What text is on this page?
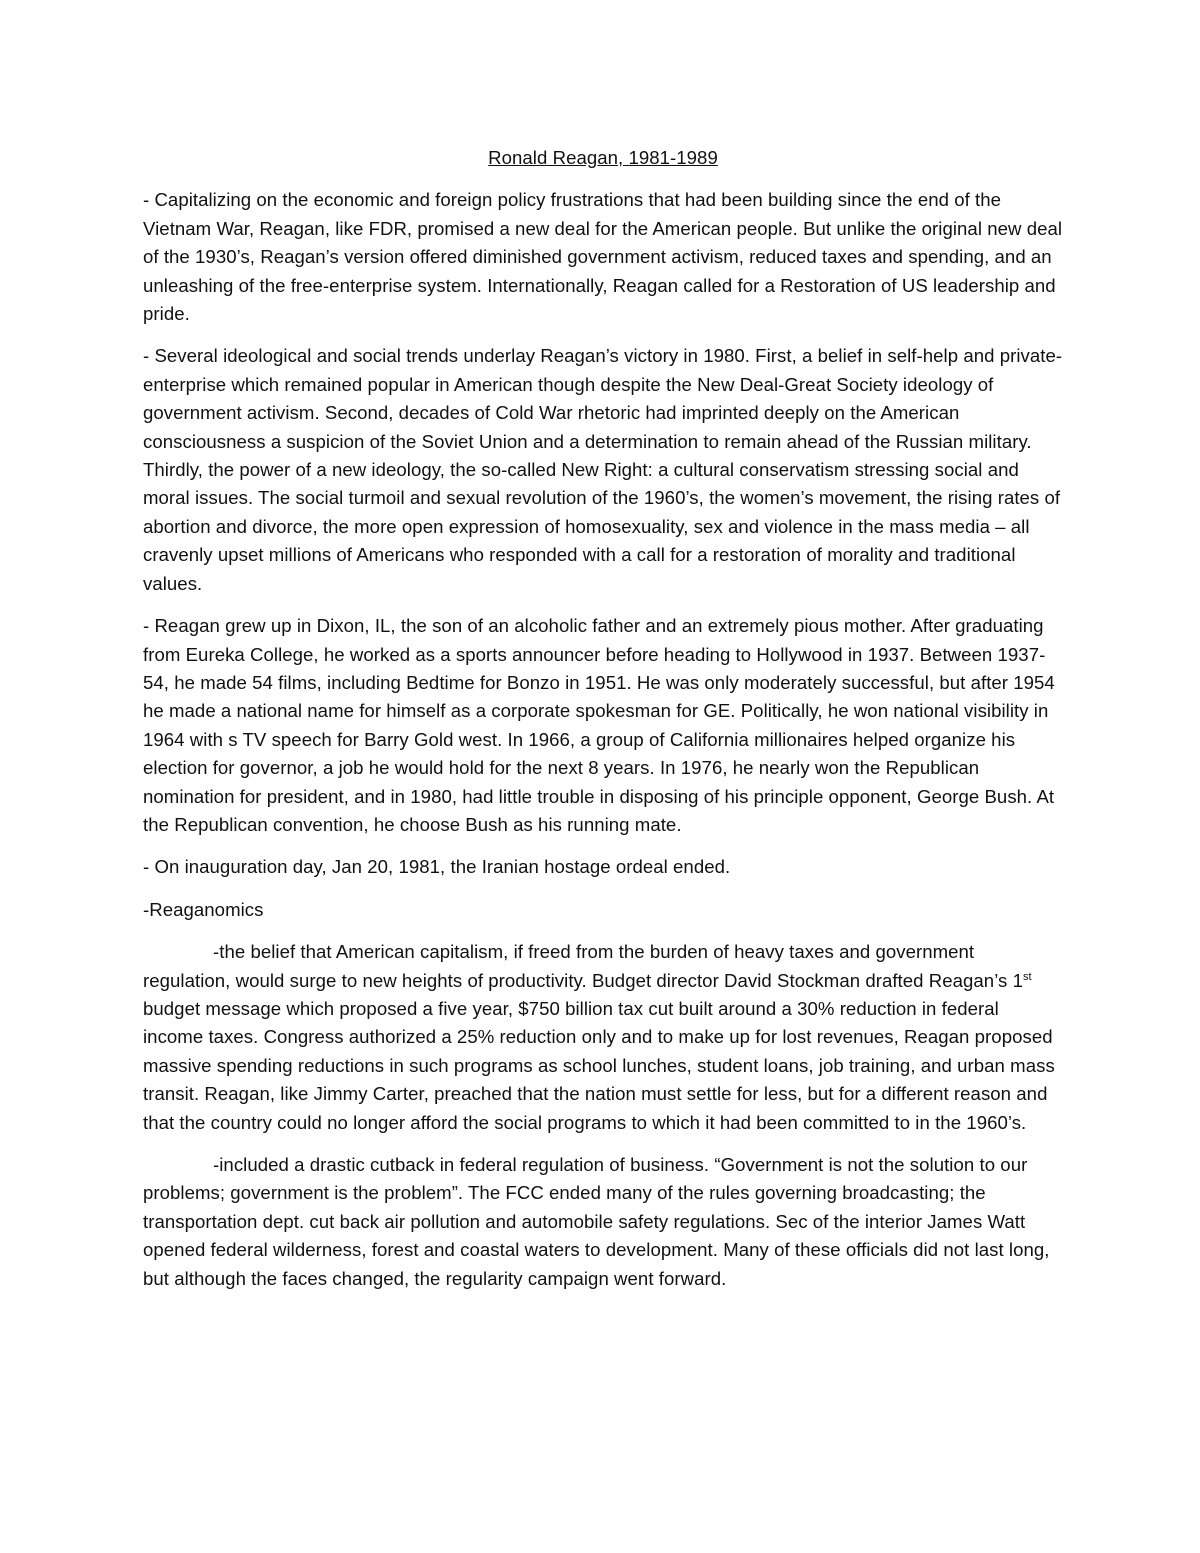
Ronald Reagan, 1981-1989

- Capitalizing on the economic and foreign policy frustrations that had been building since the end of the Vietnam War, Reagan, like FDR, promised a new deal for the American people. But unlike the original new deal of the 1930’s, Reagan’s version offered diminished government activism, reduced taxes and spending, and an unleashing of the free-enterprise system. Internationally, Reagan called for a Restoration of US leadership and pride.

- Several ideological and social trends underlay Reagan’s victory in 1980. First, a belief in self-help and private-enterprise which remained popular in American though despite the New Deal-Great Society ideology of government activism. Second, decades of Cold War rhetoric had imprinted deeply on the American consciousness a suspicion of the Soviet Union and a determination to remain ahead of the Russian military. Thirdly, the power of a new ideology, the so-called New Right: a cultural conservatism stressing social and moral issues. The social turmoil and sexual revolution of the 1960’s, the women’s movement, the rising rates of abortion and divorce, the more open expression of homosexuality, sex and violence in the mass media – all cravenly upset millions of Americans who responded with a call for a restoration of morality and traditional values.

- Reagan grew up in Dixon, IL, the son of an alcoholic father and an extremely pious mother. After graduating from Eureka College, he worked as a sports announcer before heading to Hollywood in 1937. Between 1937-54, he made 54 films, including Bedtime for Bonzo in 1951. He was only moderately successful, but after 1954 he made a national name for himself as a corporate spokesman for GE. Politically, he won national visibility in 1964 with s TV speech for Barry Gold west. In 1966, a group of California millionaires helped organize his election for governor, a job he would hold for the next 8 years. In 1976, he nearly won the Republican nomination for president, and in 1980, had little trouble in disposing of his principle opponent, George Bush. At the Republican convention, he choose Bush as his running mate.

- On inauguration day, Jan 20, 1981, the Iranian hostage ordeal ended.

-Reaganomics

-the belief that American capitalism, if freed from the burden of heavy taxes and government regulation, would surge to new heights of productivity. Budget director David Stockman drafted Reagan’s 1st budget message which proposed a five year, $750 billion tax cut built around a 30% reduction in federal income taxes. Congress authorized a 25% reduction only and to make up for lost revenues, Reagan proposed massive spending reductions in such programs as school lunches, student loans, job training, and urban mass transit. Reagan, like Jimmy Carter, preached that the nation must settle for less, but for a different reason and that the country could no longer afford the social programs to which it had been committed to in the 1960’s.

-included a drastic cutback in federal regulation of business. “Government is not the solution to our problems; government is the problem”. The FCC ended many of the rules governing broadcasting; the transportation dept. cut back air pollution and automobile safety regulations. Sec of the interior James Watt opened federal wilderness, forest and coastal waters to development. Many of these officials did not last long, but although the faces changed, the regularity campaign went forward.
